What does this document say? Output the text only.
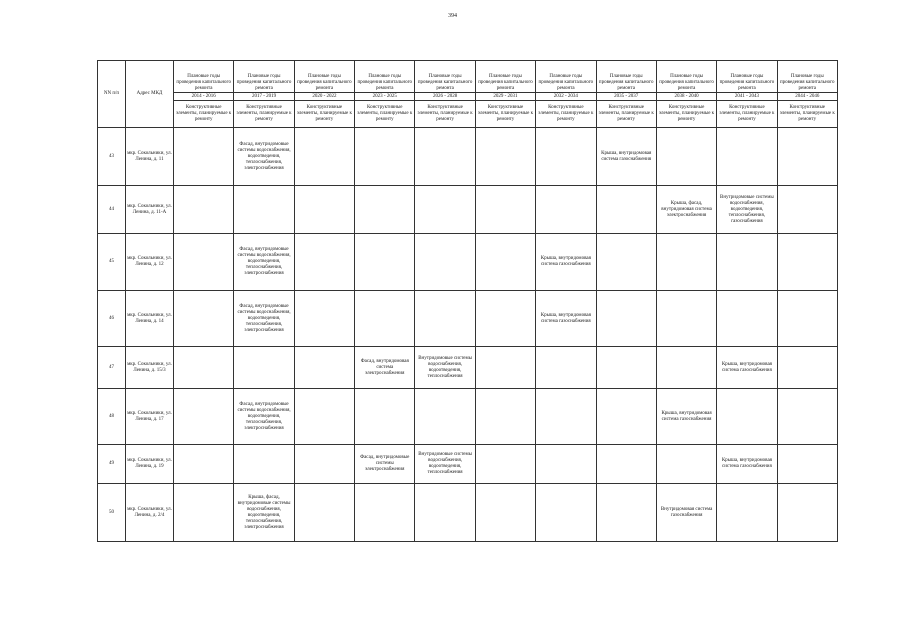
394
NN п/п	Адрес МКД	Плановые годы проведения капитального ремонта	Плановые годы проведения капитального ремонта	Плановые годы проведения капитального ремонта	Плановые годы проведения капитального ремонта	Плановые годы проведения капитального ремонта	Плановые годы проведения капитального ремонта	Плановые годы проведения капитального ремонта	Плановые годы проведения капитального ремонта	Плановые годы проведения капитального ремонта	Плановые годы проведения капитального ремонта	Плановые годы проведения капитального ремонта
		2014 - 2016	2017 - 2019	2020 - 2022	2023 - 2025	2026 - 2028	2029 - 2031	2032 - 2034	2035 - 2037	2038 - 2040	2041 - 2043	2044 - 2046
		Конструктивные элементы, планируемые к ремонту	Конструктивные элементы, планируемые к ремонту	Конструктивные элементы, планируемые к ремонту	Конструктивные элементы, планируемые к ремонту	Конструктивные элементы, планируемые к ремонту	Конструктивные элементы, планируемые к ремонту	Конструктивные элементы, планируемые к ремонту	Конструктивные элементы, планируемые к ремонту	Конструктивные элементы, планируемые к ремонту	Конструктивные элементы, планируемые к ремонту	Конструктивные элементы, планируемые к ремонту
43	мкр. Сокольники, ул. Ленина, д. 11		Фасад, внутридомовые системы водоснабжения, водоотведения, теплоснабжения, электроснабжения						Крыша, внутридомовая система газоснабжения			
44	мкр. Сокольники, ул. Ленина, д. 11-А									Крыша, фасад, внутридомовая система электроснабжения	Внутридомовые системы водоснабжения, водоотведения, теплоснабжения, газоснабжения	
45	мкр. Сокольники, ул. Ленина, д. 12		Фасад, внутридомовые системы водоснабжения, водоотведения, теплоснабжения, электроснабжения					Крыша, внутридомовая система газоснабжения				
46	мкр. Сокольники, ул. Ленина, д. 14		Фасад, внутридомовые системы водоснабжения, водоотведения, теплоснабжения, электроснабжения					Крыша, внутридомовая система газоснабжения				
47	мкр. Сокольники, ул. Ленина, д. 15/3				Фасад, внутридомовая система электроснабжения	Внутридомовые системы водоснабжения, водоотведения, теплоснабжения					Крыша, внутридомовая система газоснабжения	
48	мкр. Сокольники, ул. Ленина, д. 17		Фасад, внутридомовые системы водоснабжения, водоотведения, теплоснабжения, электроснабжения							Крыша, внутридомовая система газоснабжения		
49	мкр. Сокольники, ул. Ленина, д. 19				Фасад, внутридомовые системы электроснабжения	Внутридомовые системы водоснабжения, водоотведения, теплоснабжения					Крыша, внутридомовая система газоснабжения	
50	мкр. Сокольники, ул. Ленина, д. 2/4		Крыша, фасад, внутридомовые системы водоснабжения, водоотведения, теплоснабжения, электроснабжения							Внутридомовая система газоснабжения		
